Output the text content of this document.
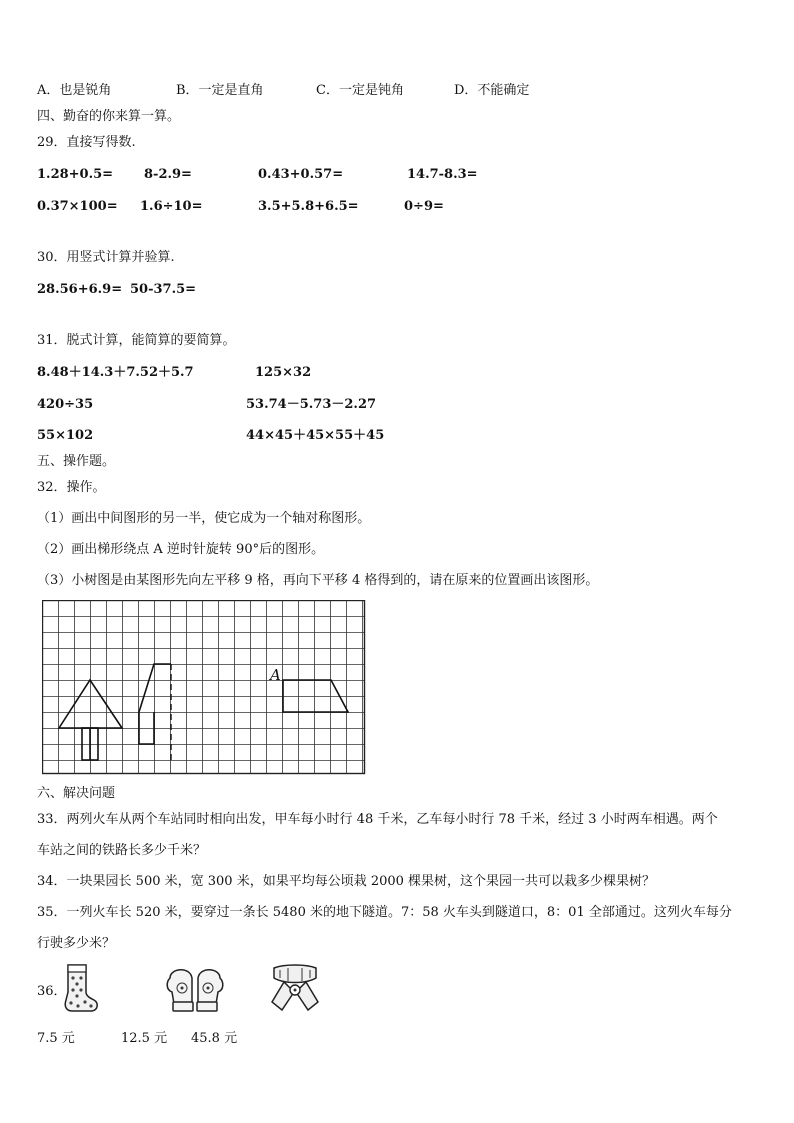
A．也是锐角	B．一定是直角	C．一定是钝角	D．不能确定
四、勤奋的你来算一算。
29．直接写得数.
1.28+0.5= 8-2.9=	0.43+0.57=	14.7-8.3=
0.37×100= 1.6÷10=	3.5+5.8+6.5=	0÷9=
30．用竖式计算并验算.
28.56+6.9= 50-37.5=
31．脱式计算，能简算的要简算。
8.48＋14.3＋7.52＋5.7	125×32
420÷35	53.74－5.73－2.27
55×102	44×45＋45×55＋45
五、操作题。
32．操作。
（1）画出中间图形的另一半，使它成为一个轴对称图形。
（2）画出梯形绕点 A 逆时针旋转 90°后的图形。
（3）小树图是由某图形先向左平移 9 格，再向下平移 4 格得到的，请在原来的位置画出该图形。
A
六、解决问题
33．两列火车从两个车站同时相向出发，甲车每小时行 48 千米，乙车每小时行 78 千米，经过 3 小时两车相遇。两个
车站之间的铁路长多少千米？
34．一块果园长 500 米，宽 300 米，如果平均每公顷栽 2000 棵果树，这个果园一共可以栽多少棵果树？
35．一列火车长 520 米，要穿过一条长 5480 米的地下隧道。7：58 火车头到隧道口，8：01 全部通过。这列火车每分
行驶多少米？
36．
7.5 元	12.5 元 45.8 元
